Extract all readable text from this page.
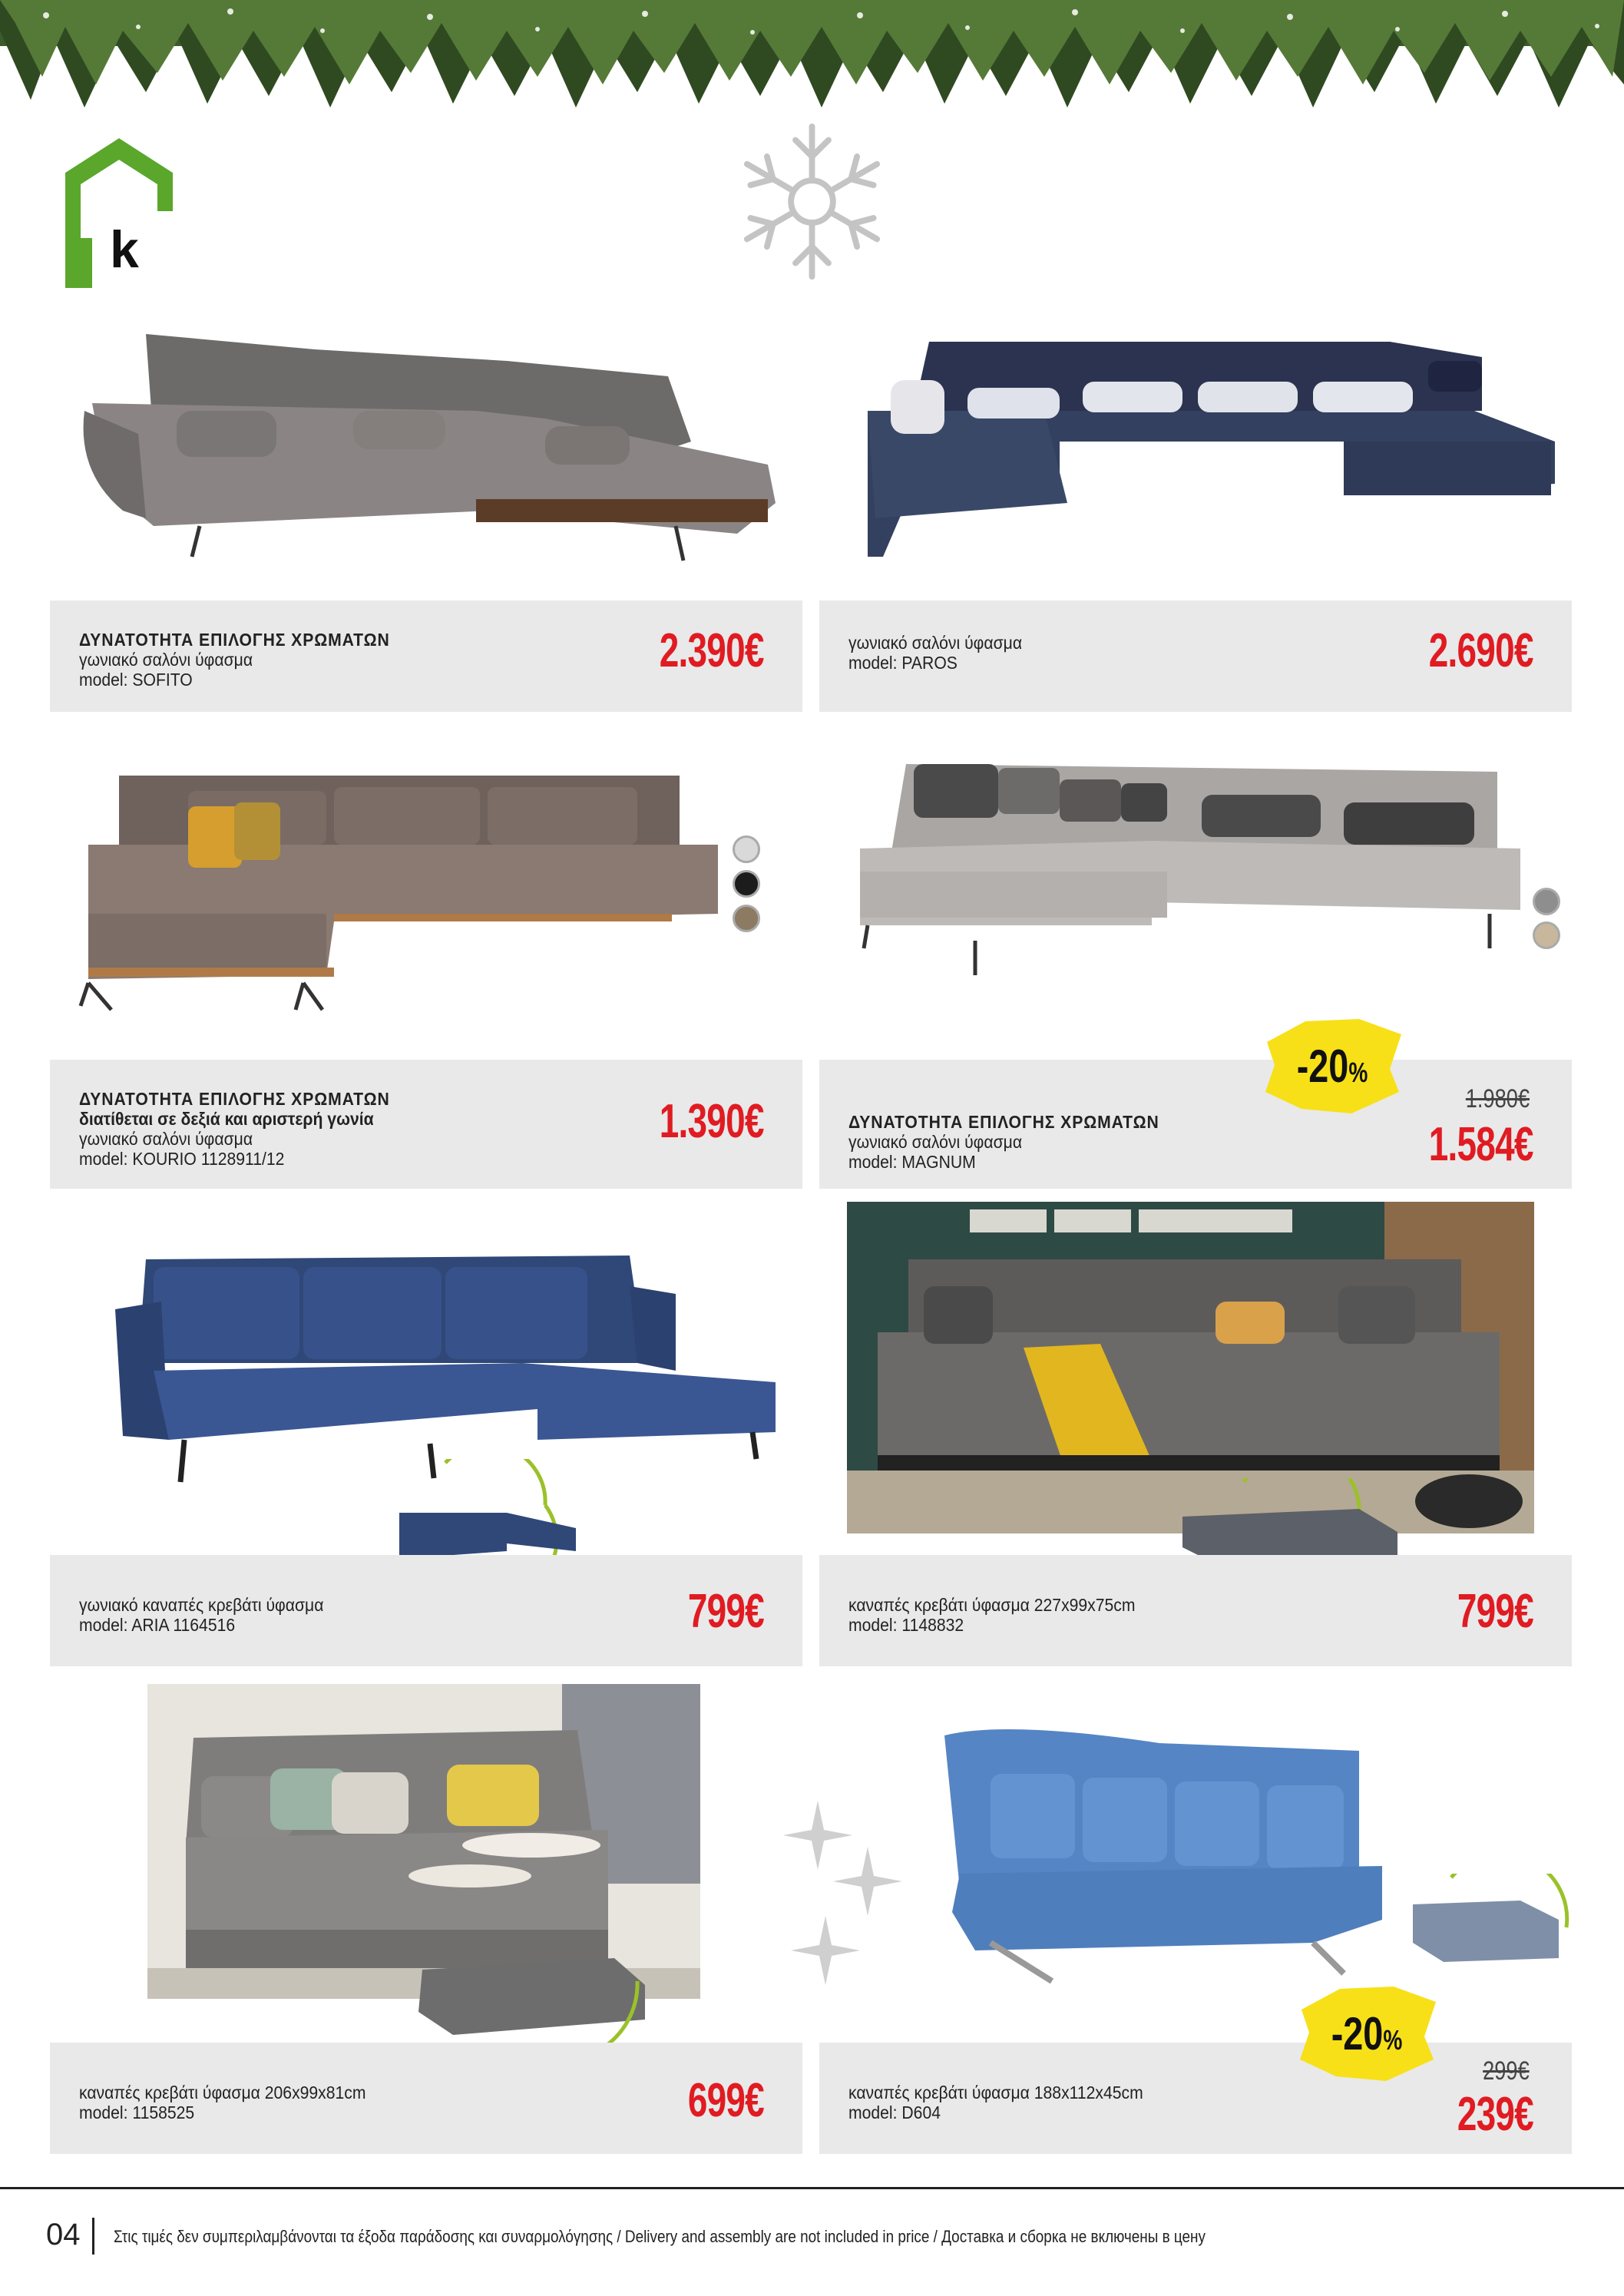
k
ΔΥΝΑΤΟΤΗΤΑ ΕΠΙΛΟΓΗΣ ΧΡΩΜΑΤΩΝ
γωνιακό σαλόνι ύφασμα
model: SOFITO
2.390€	γωνιακό σαλόνι ύφασμα
model: PAROS	2.690€
ΔΥΝΑΤΟΤΗΤΑ ΕΠΙΛΟΓΗΣ ΧΡΩΜΑΤΩΝ
διατίθεται σε δεξιά και αριστερή γωνία
γωνιακό σαλόνι ύφασμα
model: KOURIO 1128911/12
1.390€	ΔΥΝΑΤΟΤΗΤΑ ΕΠΙΛΟΓΗΣ ΧΡΩΜΑΤΩΝ
γωνιακό σαλόνι ύφασμα
model: MAGNUM
1.980€
1.584€
-20%
γωνιακό καναπές κρεβάτι ύφασμα
model: ARIA 1164516	799€	καναπές κρεβάτι ύφασμα 227x99x75cm
model: 1148832	799€
καναπές κρεβάτι ύφασμα 206x99x81cm
model: 1158525	699€	καναπές κρεβάτι ύφασμα 188x112x45cm
model: D604
299€
239€
-20%
04 Στις τιμές δεν συμπεριλαμβάνονται τα έξοδα παράδοσης και συναρμολόγησης / Delivery and assembly are not included in price / Доставка и сборка не включены в цену
